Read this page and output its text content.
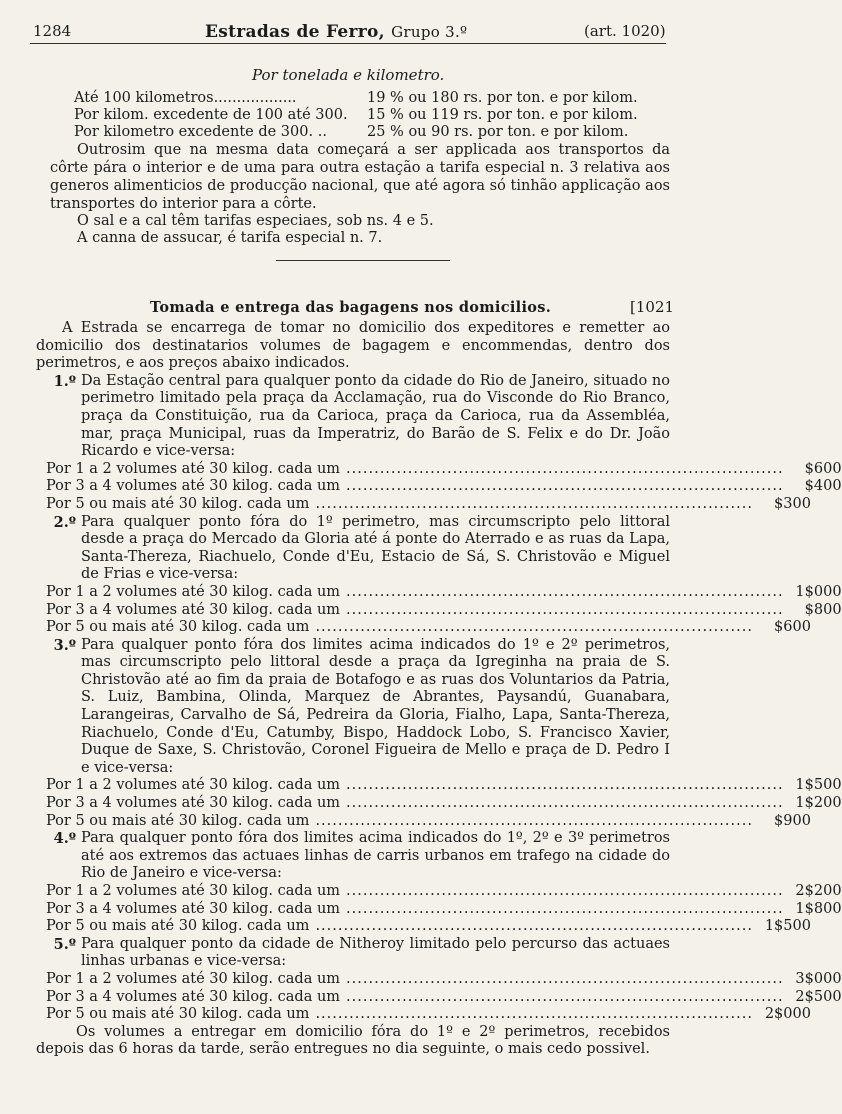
1284	Estradas de Ferro, Grupo 3.º	(art. 1020)
Por tonelada e kilometro.
Até 100 kilometros..................	19 % ou 180 rs. por ton. e por kilom.
Por kilom. excedente de 100 até 300. 15 % ou 119 rs. por ton. e por kilom.
Por kilometro excedente de 300. ..	25 % ou 90 rs. por ton. e por kilom.
Outrosim que na mesma data começará a ser applicada aos transportos da côrte pára o interior e de uma para outra estação a tarifa especial n. 3 relativa aos generos alimenticios de producção nacional, que até agora só tinhão applicação aos transportes do interior para a côrte.
O sal e a cal têm tarifas especiaes, sob ns. 4 e 5.
A canna de assucar, é tarifa especial n. 7.
Tomada e entrega das bagagens nos domicilios.	[1021

A Estrada se encarrega de tomar no domicilio dos expeditores e remetter ao domicilio dos destinatarios volumes de bagagem e encommendas, dentro dos perimetros, e aos preços abaixo indicados.

1.º Da Estação central para qualquer ponto da cidade do Rio de Janeiro, situado no perimetro limitado pela praça da Acclamação, rua do Visconde do Rio Branco, praça da Constituição, rua da Carioca, praça da Carioca, rua da Assembléa, mar, praça Municipal, ruas da Imperatriz, do Barão de S. Felix e do Dr. João Ricardo e vice-versa:
Por 1 a 2 volumes até 30 kilog. cada um ..............................................................................	$600
Por 3 a 4 volumes até 30 kilog. cada um ..............................................................................	$400
Por 5 ou mais até 30 kilog. cada um ..............................................................................	$300
2.º Para qualquer ponto fóra do 1º perimetro, mas circumscripto pelo littoral desde a praça do Mercado da Gloria até á ponte do Aterrado e as ruas da Lapa, Santa-Thereza, Riachuelo, Conde d'Eu, Estacio de Sá, S. Christovão e Miguel de Frias e vice-versa:
Por 1 a 2 volumes até 30 kilog. cada um .............................................................................. 1$000
Por 3 a 4 volumes até 30 kilog. cada um ..............................................................................	$800
Por 5 ou mais até 30 kilog. cada um ..............................................................................	$600
3.º Para qualquer ponto fóra dos limites acima indicados do 1º e 2º perimetros, mas circumscripto pelo littoral desde a praça da Igreginha na praia de S. Christovão até ao fim da praia de Botafogo e as ruas dos Voluntarios da Patria, S. Luiz, Bambina, Olinda, Marquez de Abrantes, Paysandú, Guanabara, Larangeiras, Carvalho de Sá, Pedreira da Gloria, Fialho, Lapa, Santa-Thereza, Riachuelo, Conde d'Eu, Catumby, Bispo, Haddock Lobo, S. Francisco Xavier, Duque de Saxe, S. Christovão, Coronel Figueira de Mello e praça de D. Pedro I e vice-versa:
Por 1 a 2 volumes até 30 kilog. cada um .............................................................................. 1$500
Por 3 a 4 volumes até 30 kilog. cada um .............................................................................. 1$200
Por 5 ou mais até 30 kilog. cada um ..............................................................................	$900
4.º Para qualquer ponto fóra dos limites acima indicados do 1º, 2º e 3º perimetros até aos extremos das actuaes linhas de carris urbanos em trafego na cidade do Rio de Janeiro e vice-versa:
Por 1 a 2 volumes até 30 kilog. cada um .............................................................................. 2$200
Por 3 a 4 volumes até 30 kilog. cada um .............................................................................. 1$800
Por 5 ou mais até 30 kilog. cada um .............................................................................. 1$500
5.º Para qualquer ponto da cidade de Nitheroy limitado pelo percurso das actuaes linhas urbanas e vice-versa:
Por 1 a 2 volumes até 30 kilog. cada um .............................................................................. 3$000
Por 3 a 4 volumes até 30 kilog. cada um .............................................................................. 2$500
Por 5 ou mais até 30 kilog. cada um .............................................................................. 2$000

Os volumes a entregar em domicilio fóra do 1º e 2º perimetros, recebidos depois das 6 horas da tarde, serão entregues no dia seguinte, o mais cedo possivel.
